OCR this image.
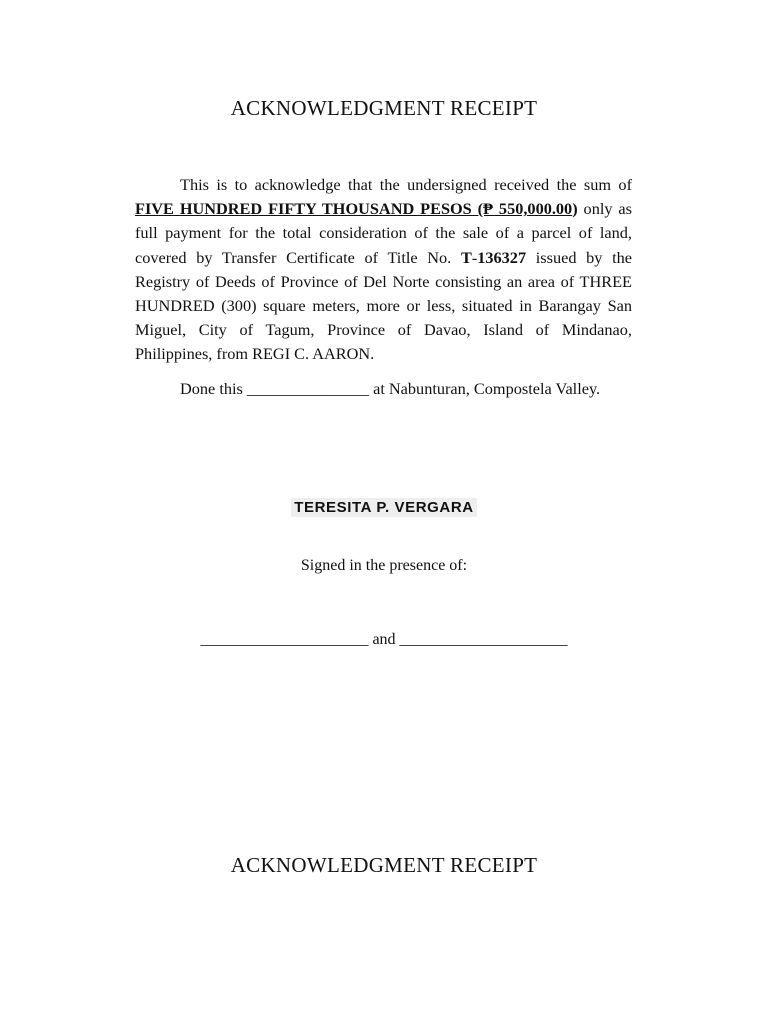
ACKNOWLEDGMENT RECEIPT

This is to acknowledge that the undersigned received the sum of FIVE HUNDRED FIFTY THOUSAND PESOS (₱ 550,000.00) only as full payment for the total consideration of the sale of a parcel of land, covered by Transfer Certificate of Title No. T-136327 issued by the Registry of Deeds of Province of Del Norte consisting an area of THREE HUNDRED (300) square meters, more or less, situated in Barangay San Miguel, City of Tagum, Province of Davao, Island of Mindanao, Philippines, from REGI C. AARON.

Done this _______________ at Nabunturan, Compostela Valley.

TERESITA P. VERGARA

Signed in the presence of:

_____________________ and _____________________

ACKNOWLEDGMENT RECEIPT
